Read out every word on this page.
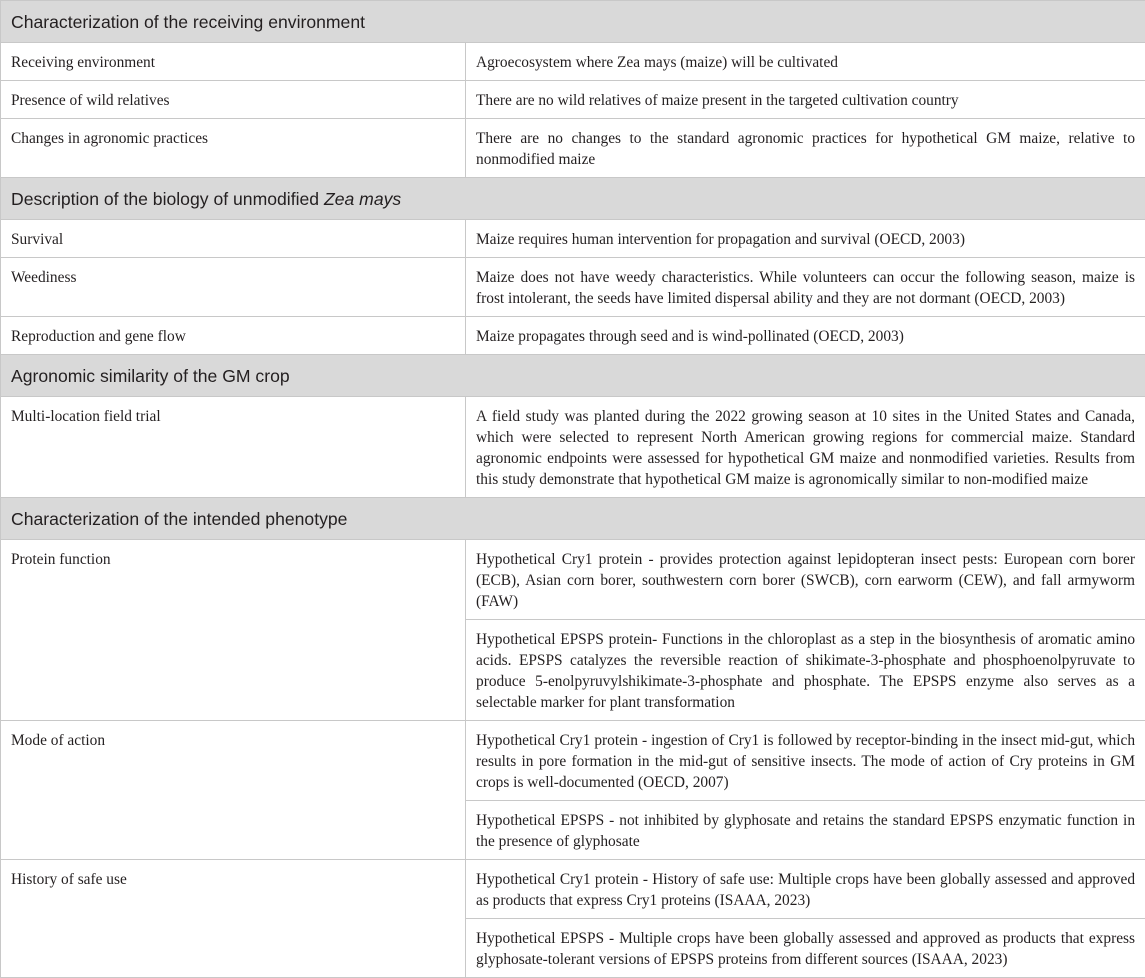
Characterization of the receiving environment	
Receiving environment	Agroecosystem where Zea mays (maize) will be cultivated
Presence of wild relatives	There are no wild relatives of maize present in the targeted cultivation country
Changes in agronomic practices	There are no changes to the standard agronomic practices for hypothetical GM maize, relative to nonmodified maize
Description of the biology of unmodified Zea mays	
Survival	Maize requires human intervention for propagation and survival (OECD, 2003)
Weediness	Maize does not have weedy characteristics. While volunteers can occur the following season, maize is frost intolerant, the seeds have limited dispersal ability and they are not dormant (OECD, 2003)
Reproduction and gene flow	Maize propagates through seed and is wind-pollinated (OECD, 2003)
Agronomic similarity of the GM crop	
Multi-location field trial	A field study was planted during the 2022 growing season at 10 sites in the United States and Canada, which were selected to represent North American growing regions for commercial maize. Standard agronomic endpoints were assessed for hypothetical GM maize and nonmodified varieties. Results from this study demonstrate that hypothetical GM maize is agronomically similar to non-modified maize
Characterization of the intended phenotype	
Protein function	Hypothetical Cry1 protein - provides protection against lepidopteran insect pests: European corn borer (ECB), Asian corn borer, southwestern corn borer (SWCB), corn earworm (CEW), and fall armyworm (FAW)
	Hypothetical EPSPS protein- Functions in the chloroplast as a step in the biosynthesis of aromatic amino acids. EPSPS catalyzes the reversible reaction of shikimate-3-phosphate and phosphoenolpyruvate to produce 5-enolpyruvylshikimate-3-phosphate and phosphate. The EPSPS enzyme also serves as a selectable marker for plant transformation
Mode of action	Hypothetical Cry1 protein - ingestion of Cry1 is followed by receptor-binding in the insect mid-gut, which results in pore formation in the mid-gut of sensitive insects. The mode of action of Cry proteins in GM crops is well-documented (OECD, 2007)
	Hypothetical EPSPS - not inhibited by glyphosate and retains the standard EPSPS enzymatic function in the presence of glyphosate
History of safe use	Hypothetical Cry1 protein - History of safe use: Multiple crops have been globally assessed and approved as products that express Cry1 proteins (ISAAA, 2023)
	Hypothetical EPSPS - Multiple crops have been globally assessed and approved as products that express glyphosate-tolerant versions of EPSPS proteins from different sources (ISAAA, 2023)
